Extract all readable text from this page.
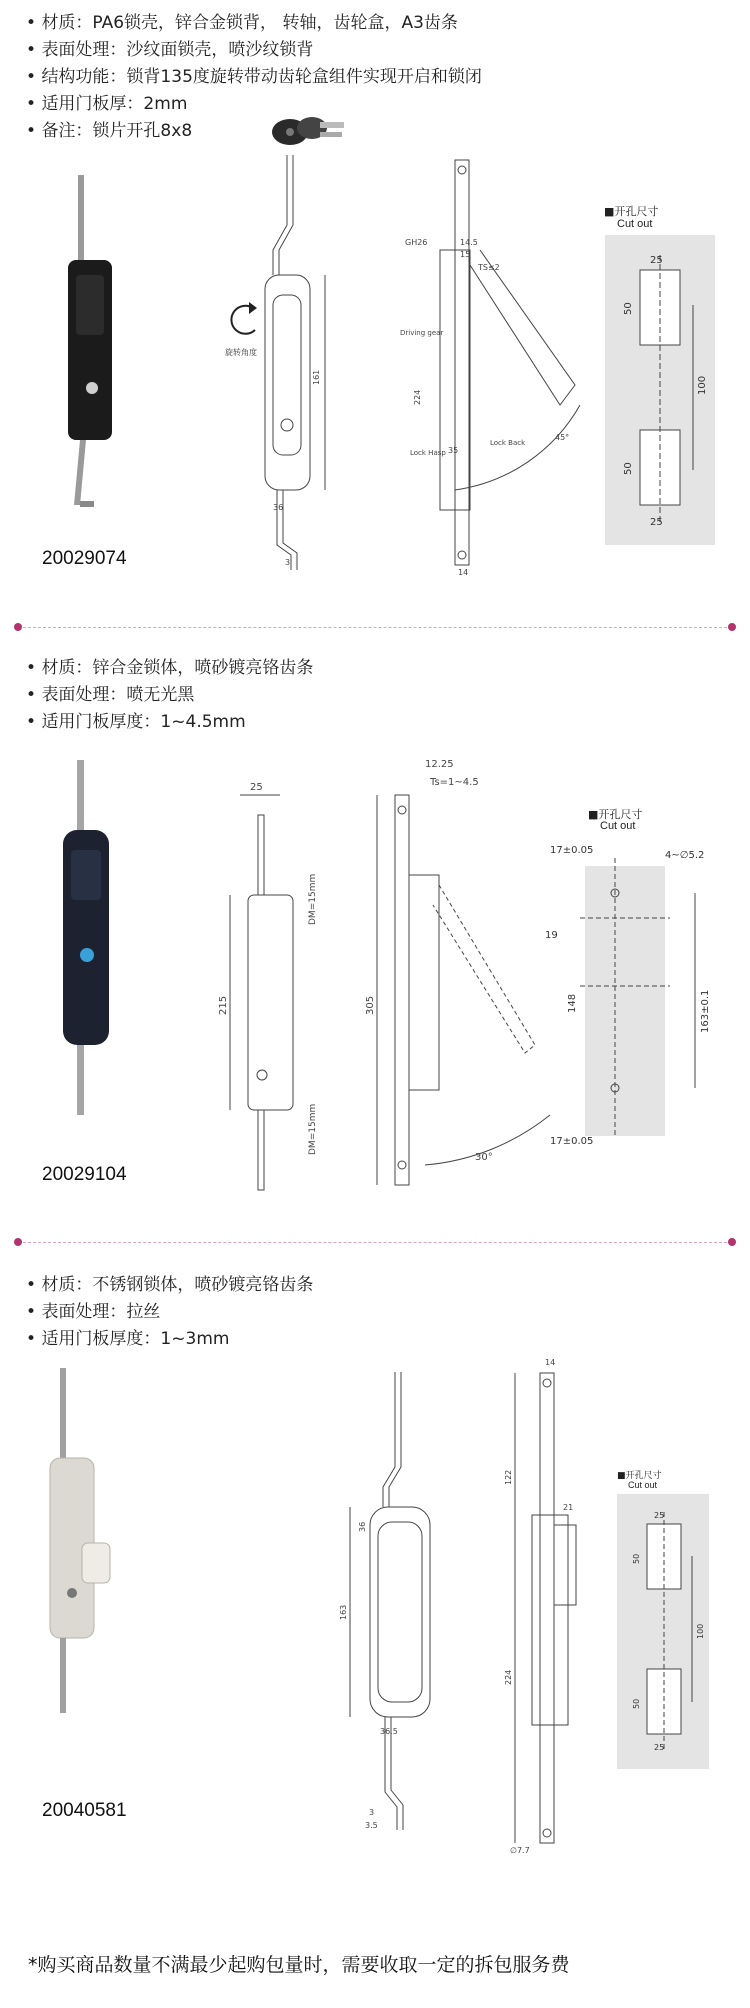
• 材质：PA6锁壳，锌合金锁背， 转轴，齿轮盒，A3齿条
• 表面处理：沙纹面锁壳，喷沙纹锁背
• 结构功能：锁背135度旋转带动齿轮盒组件实现开启和锁闭
• 适用门板厚：2mm
• 备注：锁片开孔8x8
20029074
161
36
3
旋转角度
GH26	14.5
15
TS≤2
224
Driving gear
Lock Hasp
Lock Back
35
45°
14
■开孔尺寸
Cut out
25
50
100
50
25
• 材质：锌合金锁体，喷砂镀亮铬齿条
• 表面处理：喷无光黑
• 适用门板厚度：1~4.5mm
20029104
25
215
DM=15mm
DM=15mm
12.25
Ts=1~4.5
305
30°
■开孔尺寸
Cut out
17±0.05	4~∅5.2
19
148	163±0.1
17±0.05
• 材质：不锈钢锁体，喷砂镀亮铬齿条
• 表面处理：拉丝
• 适用门板厚度：1~3mm
20040581
163
36
36.5
3
3.5
14
21
122
224
∅7.7
■开孔尺寸
Cut out
25
50
100
50
25
*购买商品数量不满最少起购包量时，需要收取一定的拆包服务费
